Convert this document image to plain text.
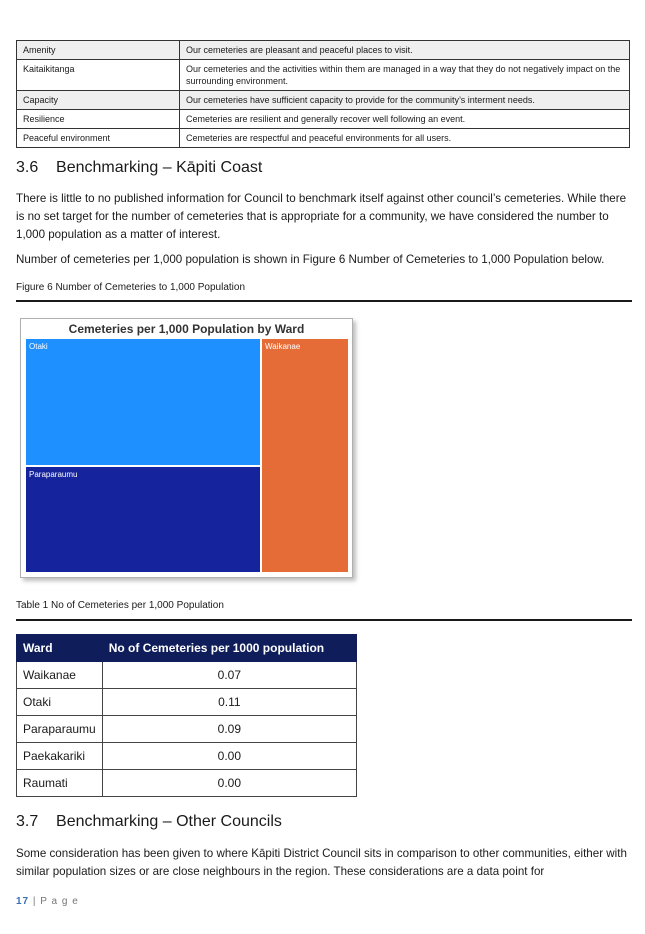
Amenity	Our cemeteries are pleasant and peaceful places to visit.
Kaitaikitanga	Our cemeteries and the activities within them are managed in a way that they do not negatively impact on the surrounding environment.
Capacity	Our cemeteries have sufficient capacity to provide for the community’s interment needs.
Resilience	Cemeteries are resilient and generally recover well following an event.
Peaceful environment	Cemeteries are respectful and peaceful environments for all users.
3.6    Benchmarking – Kāpiti Coast
There is little to no published information for Council to benchmark itself against other council’s cemeteries. While there is no set target for the number of cemeteries that is appropriate for a community, we have considered the number to 1,000 population as a matter of interest.
Number of cemeteries per 1,000 population is shown in Figure 6 Number of Cemeteries to 1,000 Population below.
Figure 6 Number of Cemeteries to 1,000 Population
Cemeteries per 1,000 Population by Ward
Otaki
Paraparaumu
Waikanae
Table 1 No of Cemeteries per 1,000 Population
Ward	No of Cemeteries per 1000 population
Waikanae	0.07
Otaki	0.11
Paraparaumu	0.09
Paekakariki	0.00
Raumati	0.00
3.7    Benchmarking – Other Councils
Some consideration has been given to where Kāpiti District Council sits in comparison to other communities, either with similar population sizes or are close neighbours in the region. These considerations are a data point for
17 | P a g e
